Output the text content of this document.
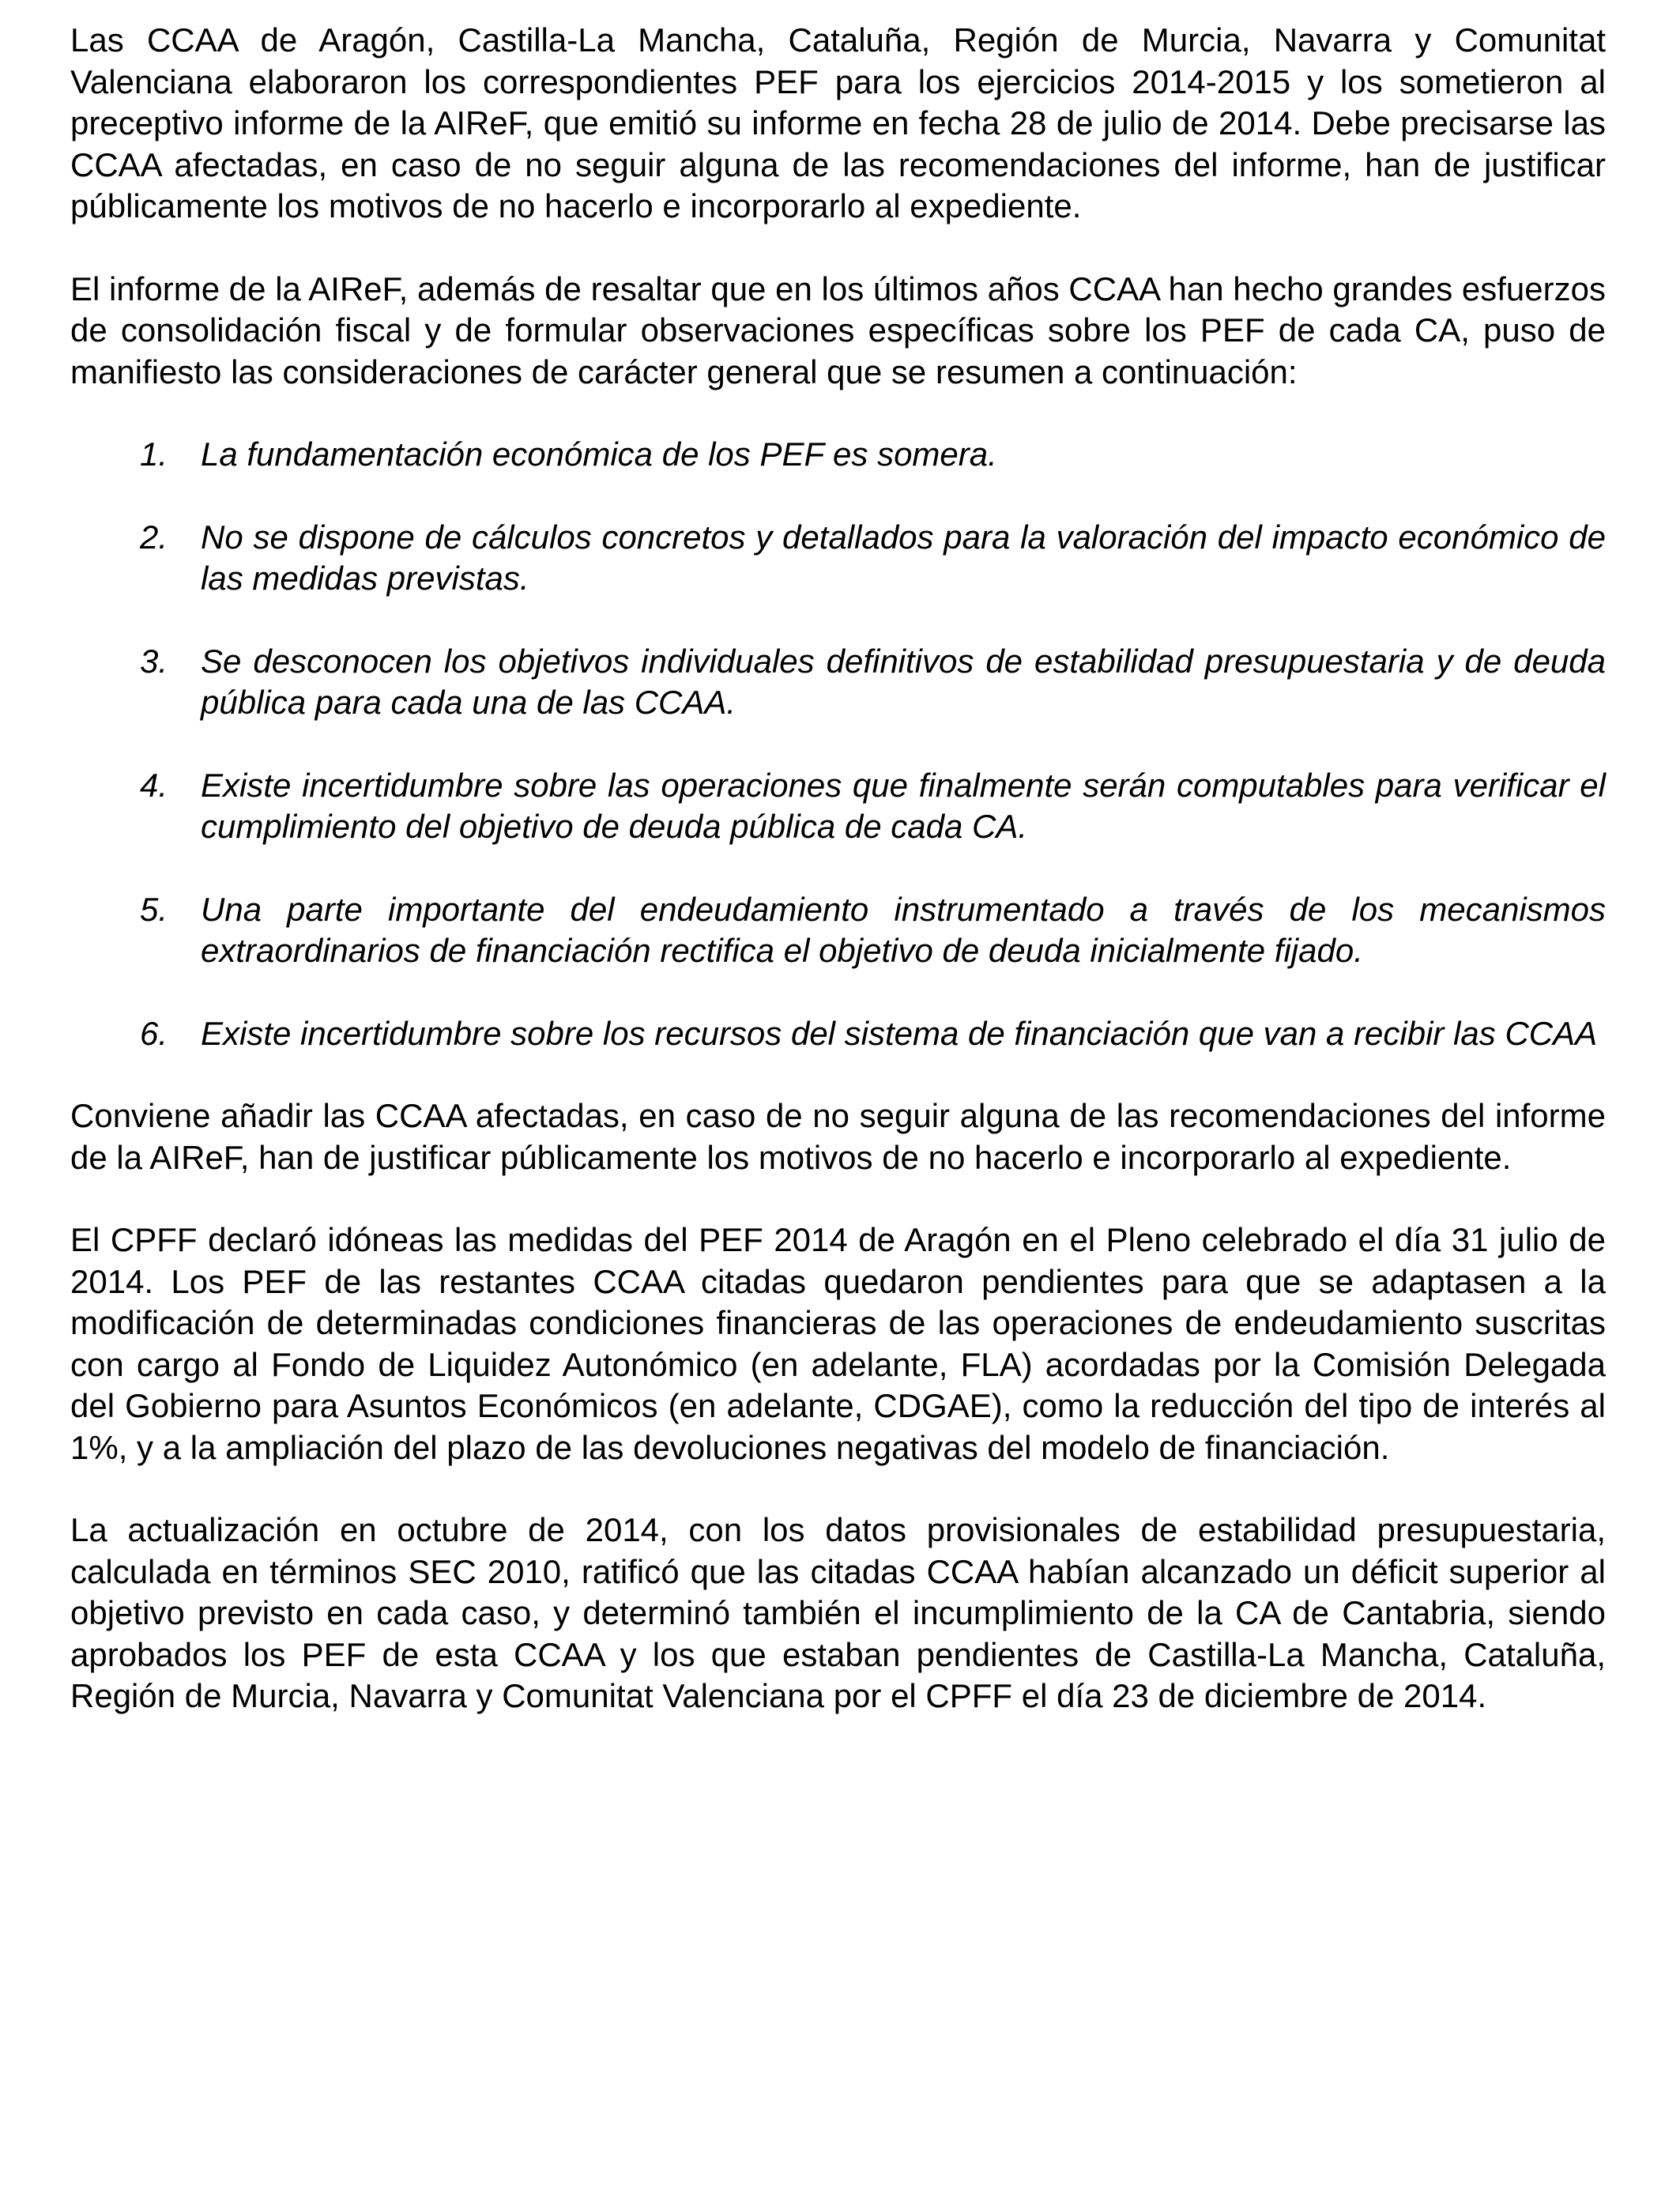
Las CCAA de Aragón, Castilla-La Mancha, Cataluña, Región de Murcia, Navarra y Comunitat Valenciana elaboraron los correspondientes PEF para los ejercicios 2014-2015 y los sometieron al preceptivo informe de la AIReF, que emitió su informe en fecha 28 de julio de 2014. Debe precisarse las CCAA afectadas, en caso de no seguir alguna de las recomendaciones del informe, han de justificar públicamente los motivos de no hacerlo e incorporarlo al expediente.

El informe de la AIReF, además de resaltar que en los últimos años CCAA han hecho grandes esfuerzos de consolidación fiscal y de formular observaciones específicas sobre los PEF de cada CA, puso de manifiesto las consideraciones de carácter general que se resumen a continuación:

1. La fundamentación económica de los PEF es somera.
2. No se dispone de cálculos concretos y detallados para la valoración del impacto económico de las medidas previstas.
3. Se desconocen los objetivos individuales definitivos de estabilidad presupuestaria y de deuda pública para cada una de las CCAA.
4. Existe incertidumbre sobre las operaciones que finalmente serán computables para verificar el cumplimiento del objetivo de deuda pública de cada CA.
5. Una parte importante del endeudamiento instrumentado a través de los mecanismos extraordinarios de financiación rectifica el objetivo de deuda inicialmente fijado.
6. Existe incertidumbre sobre los recursos del sistema de financiación que van a recibir las CCAA

Conviene añadir las CCAA afectadas, en caso de no seguir alguna de las recomendaciones del informe de la AIReF, han de justificar públicamente los motivos de no hacerlo e incorporarlo al expediente.

El CPFF declaró idóneas las medidas del PEF 2014 de Aragón en el Pleno celebrado el día 31 julio de 2014. Los PEF de las restantes CCAA citadas quedaron pendientes para que se adaptasen a la modificación de determinadas condiciones financieras de las operaciones de endeudamiento suscritas con cargo al Fondo de Liquidez Autonómico (en adelante, FLA) acordadas por la Comisión Delegada del Gobierno para Asuntos Económicos (en adelante, CDGAE), como la reducción del tipo de interés al 1%, y a la ampliación del plazo de las devoluciones negativas del modelo de financiación.

La actualización en octubre de 2014, con los datos provisionales de estabilidad presupuestaria, calculada en términos SEC 2010, ratificó que las citadas CCAA habían alcanzado un déficit superior al objetivo previsto en cada caso, y determinó también el incumplimiento de la CA de Cantabria, siendo aprobados los PEF de esta CCAA y los que estaban pendientes de Castilla-La Mancha, Cataluña, Región de Murcia, Navarra y Comunitat Valenciana por el CPFF el día 23 de diciembre de 2014.
